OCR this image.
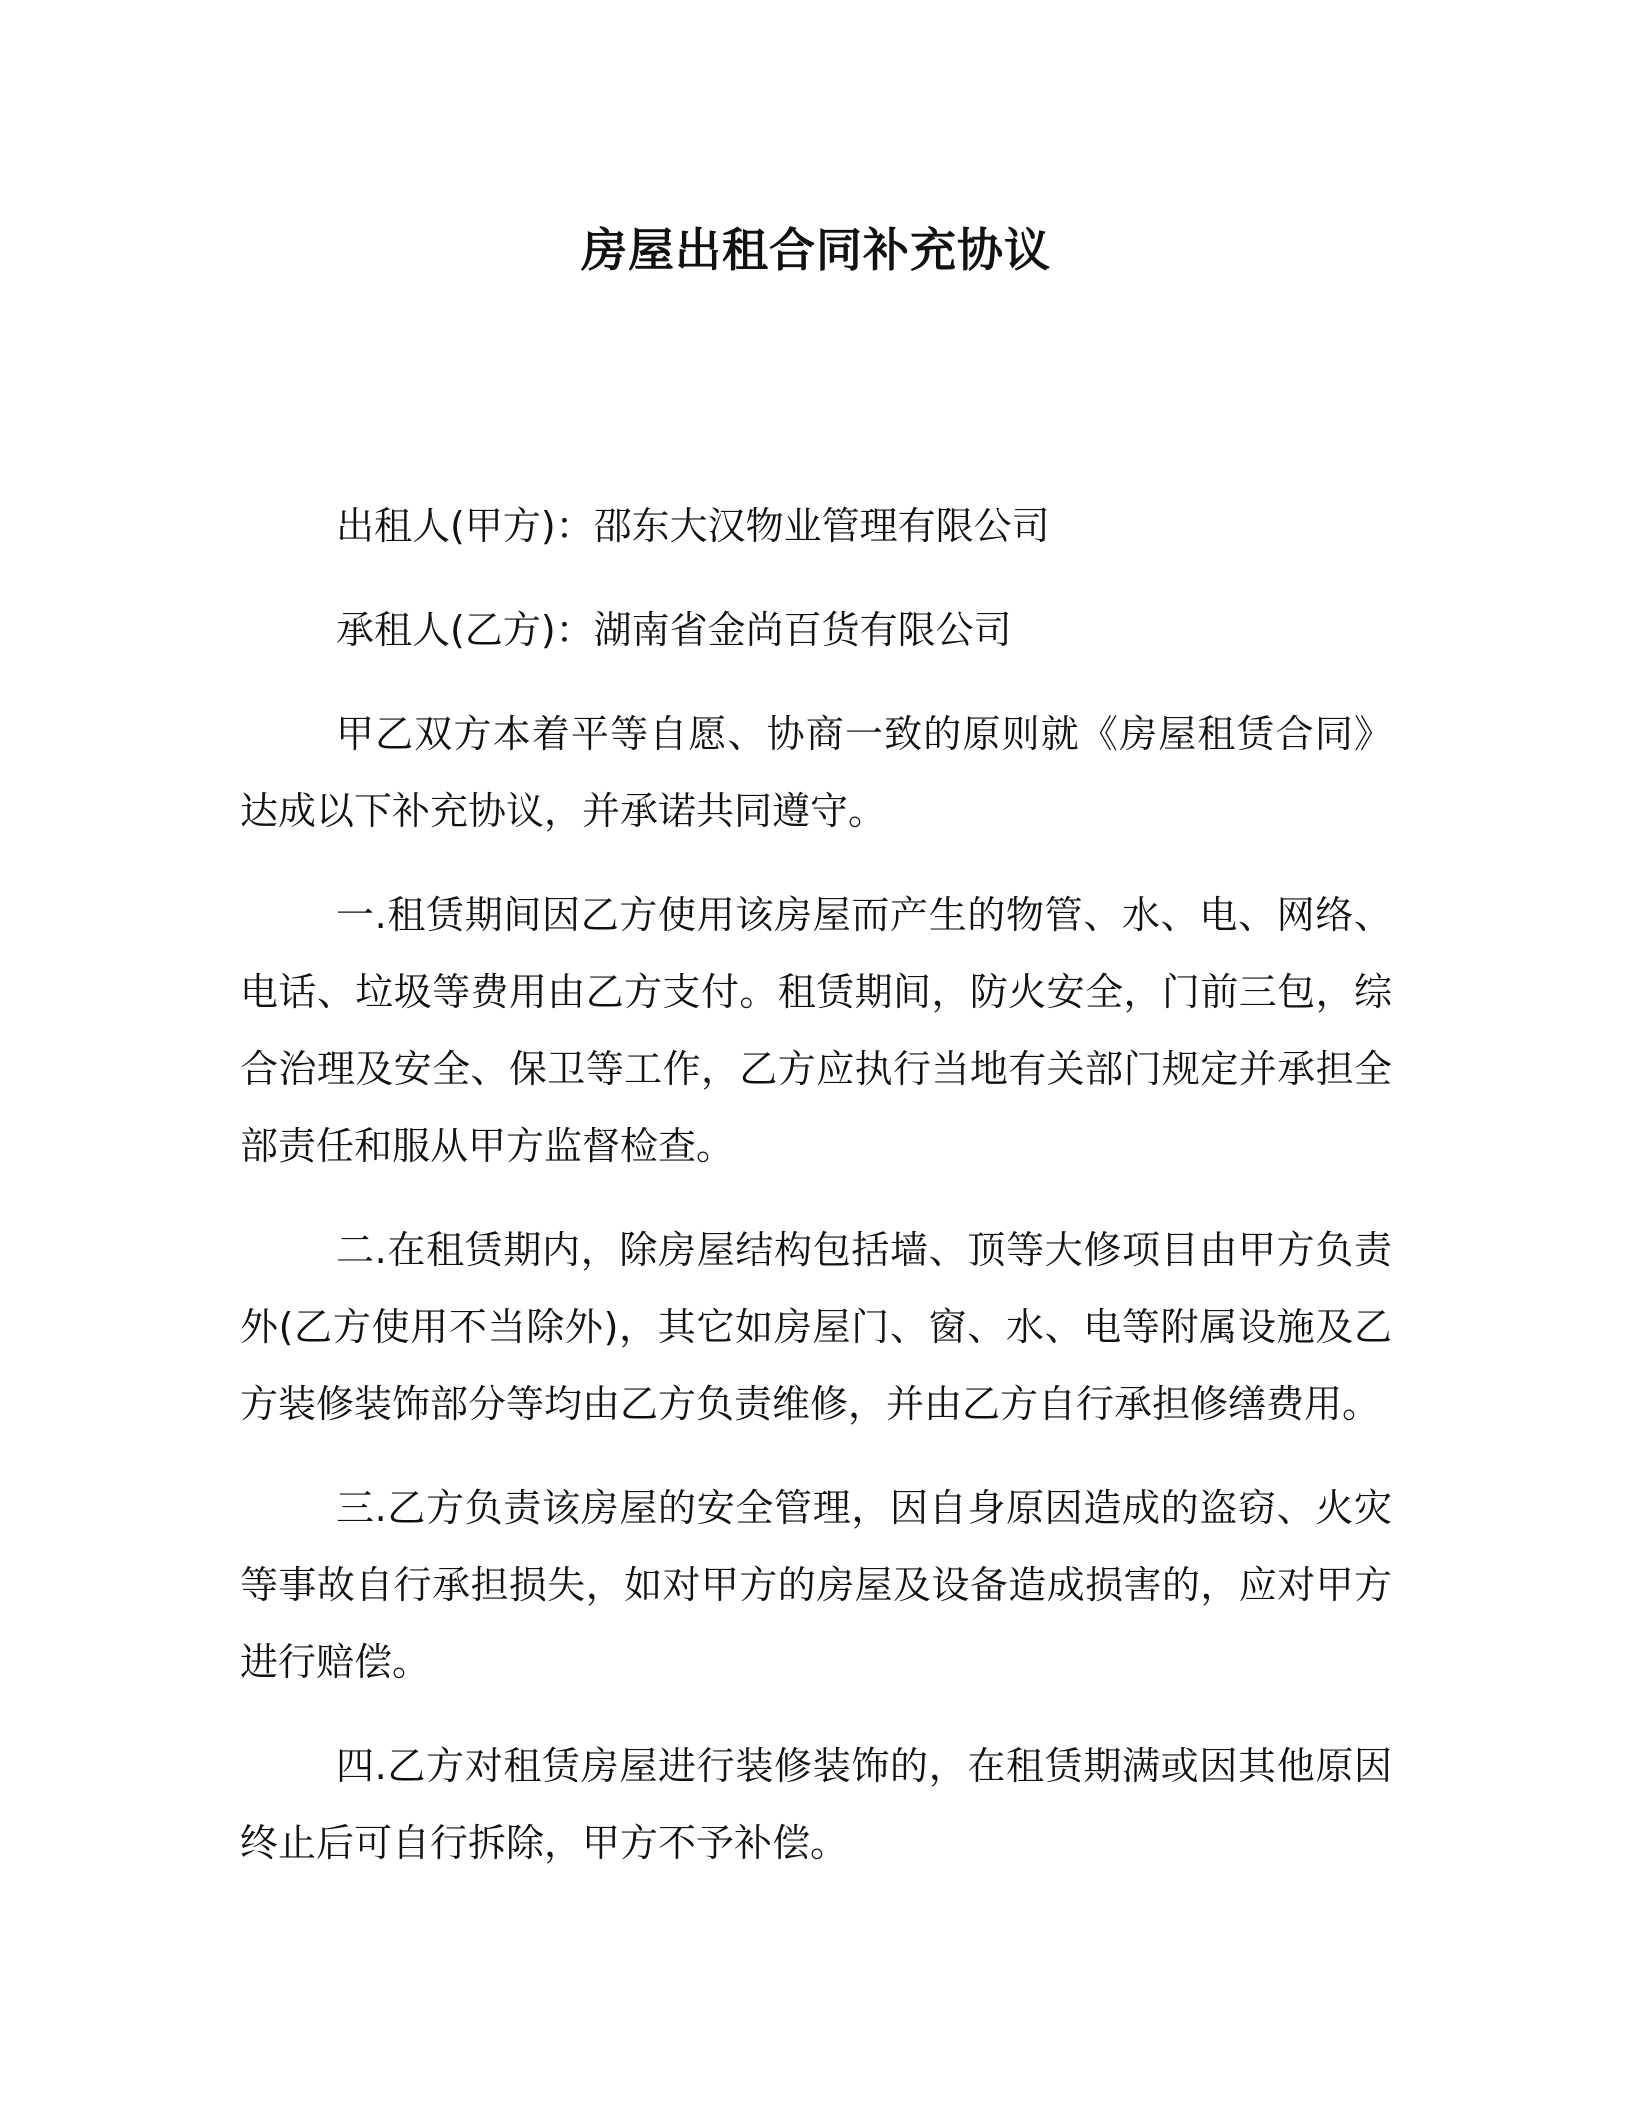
房屋出租合同补充协议

出租人(甲方)：邵东大汉物业管理有限公司

承租人(乙方)：湖南省金尚百货有限公司

甲乙双方本着平等自愿、协商一致的原则就《房屋租赁合同》达成以下补充协议，并承诺共同遵守。

一.租赁期间因乙方使用该房屋而产生的物管、水、电、网络、电话、垃圾等费用由乙方支付。租赁期间，防火安全，门前三包，综合治理及安全、保卫等工作，乙方应执行当地有关部门规定并承担全部责任和服从甲方监督检查。

二.在租赁期内，除房屋结构包括墙、顶等大修项目由甲方负责外(乙方使用不当除外)，其它如房屋门、窗、水、电等附属设施及乙方装修装饰部分等均由乙方负责维修，并由乙方自行承担修缮费用。

三.乙方负责该房屋的安全管理，因自身原因造成的盗窃、火灾等事故自行承担损失，如对甲方的房屋及设备造成损害的，应对甲方进行赔偿。

四.乙方对租赁房屋进行装修装饰的，在租赁期满或因其他原因终止后可自行拆除，甲方不予补偿。
